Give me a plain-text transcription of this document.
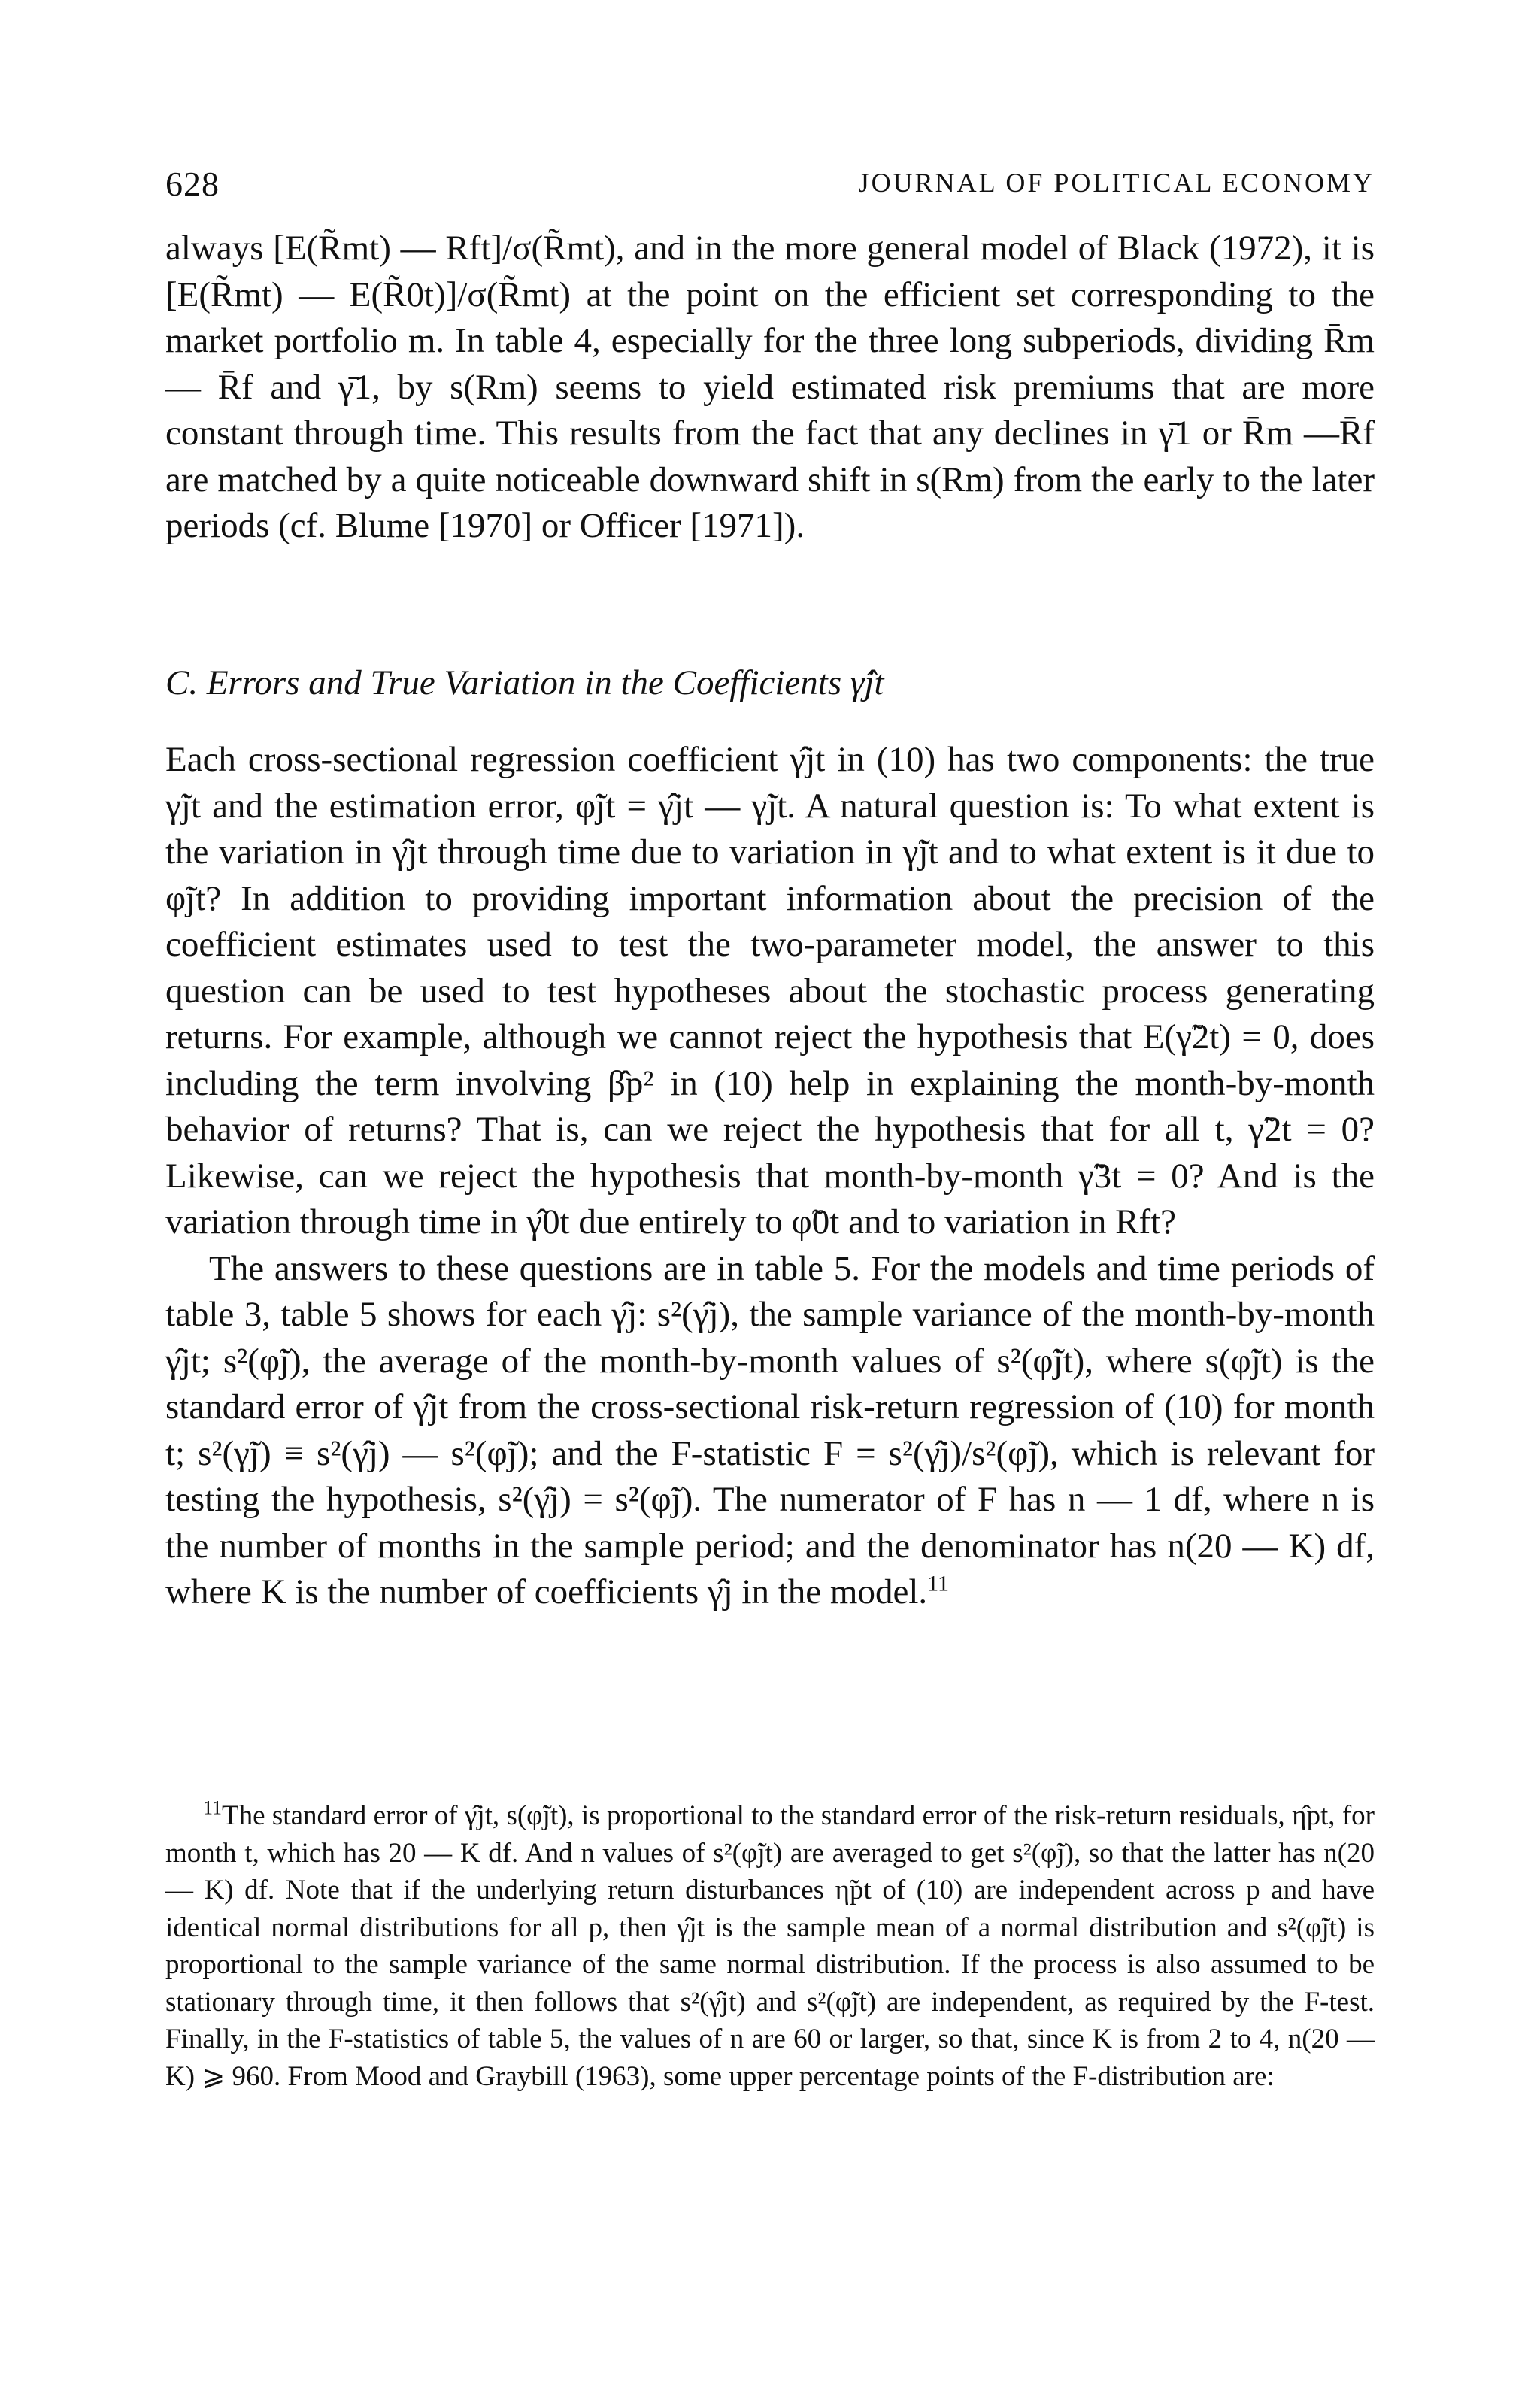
628	JOURNAL OF POLITICAL ECONOMY

always [E(R̃mt) — Rft]/σ(R̃mt), and in the more general model of Black (1972), it is [E(R̃mt) — E(R̃0t)]/σ(R̃mt) at the point on the efficient set corresponding to the market portfolio m. In table 4, especially for the three long subperiods, dividing R̄m — R̄f and γ̄1, by s(Rm) seems to yield estimated risk premiums that are more constant through time. This results from the fact that any declines in γ̄1 or R̄m —R̄f are matched by a quite noticeable downward shift in s(Rm) from the early to the later periods (cf. Blume [1970] or Officer [1971]).

C. Errors and True Variation in the Coefficients γ̂jt

Each cross-sectional regression coefficient γ̂jt in (10) has two components: the true γ̃jt and the estimation error, φ̃jt = γ̂jt — γ̃jt. A natural question is: To what extent is the variation in γ̂jt through time due to variation in γ̃jt and to what extent is it due to φ̃jt? In addition to providing important information about the precision of the coefficient estimates used to test the two-parameter model, the answer to this question can be used to test hypotheses about the stochastic process generating returns. For example, although we cannot reject the hypothesis that E(γ̃2t) = 0, does including the term involving β̂p² in (10) help in explaining the month-by-month behavior of returns? That is, can we reject the hypothesis that for all t, γ̃2t = 0? Likewise, can we reject the hypothesis that month-by-month γ̃3t = 0? And is the variation through time in γ̂0t due entirely to φ̃0t and to variation in Rft?

The answers to these questions are in table 5. For the models and time periods of table 3, table 5 shows for each γ̂j: s²(γ̂j), the sample variance of the month-by-month γ̂jt; s²(φ̃j), the average of the month-by-month values of s²(φ̃jt), where s(φ̃jt) is the standard error of γ̂jt from the cross-sectional risk-return regression of (10) for month t; s²(γ̃j) ≡ s²(γ̂j) — s²(φ̃j); and the F-statistic F = s²(γ̂j)/s²(φ̃j), which is relevant for testing the hypothesis, s²(γ̂j) = s²(φ̃j). The numerator of F has n — 1 df, where n is the number of months in the sample period; and the denominator has n(20 — K) df, where K is the number of coefficients γ̂j in the model.$^{11}$

$^{11}$The standard error of γ̂jt, s(φ̃jt), is proportional to the standard error of the risk-return residuals, η̂pt, for month t, which has 20 — K df. And n values of s²(φ̃jt) are averaged to get s²(φ̃j), so that the latter has n(20 — K) df. Note that if the underlying return disturbances η̃pt of (10) are independent across p and have identical normal distributions for all p, then γ̂jt is the sample mean of a normal distribution and s²(φ̃jt) is proportional to the sample variance of the same normal distribution. If the process is also assumed to be stationary through time, it then follows that s²(γ̂jt) and s²(φ̃jt) are independent, as required by the F-test. Finally, in the F-statistics of table 5, the values of n are 60 or larger, so that, since K is from 2 to 4, n(20 — K) ⩾ 960. From Mood and Graybill (1963), some upper percentage points of the F-distribution are:
